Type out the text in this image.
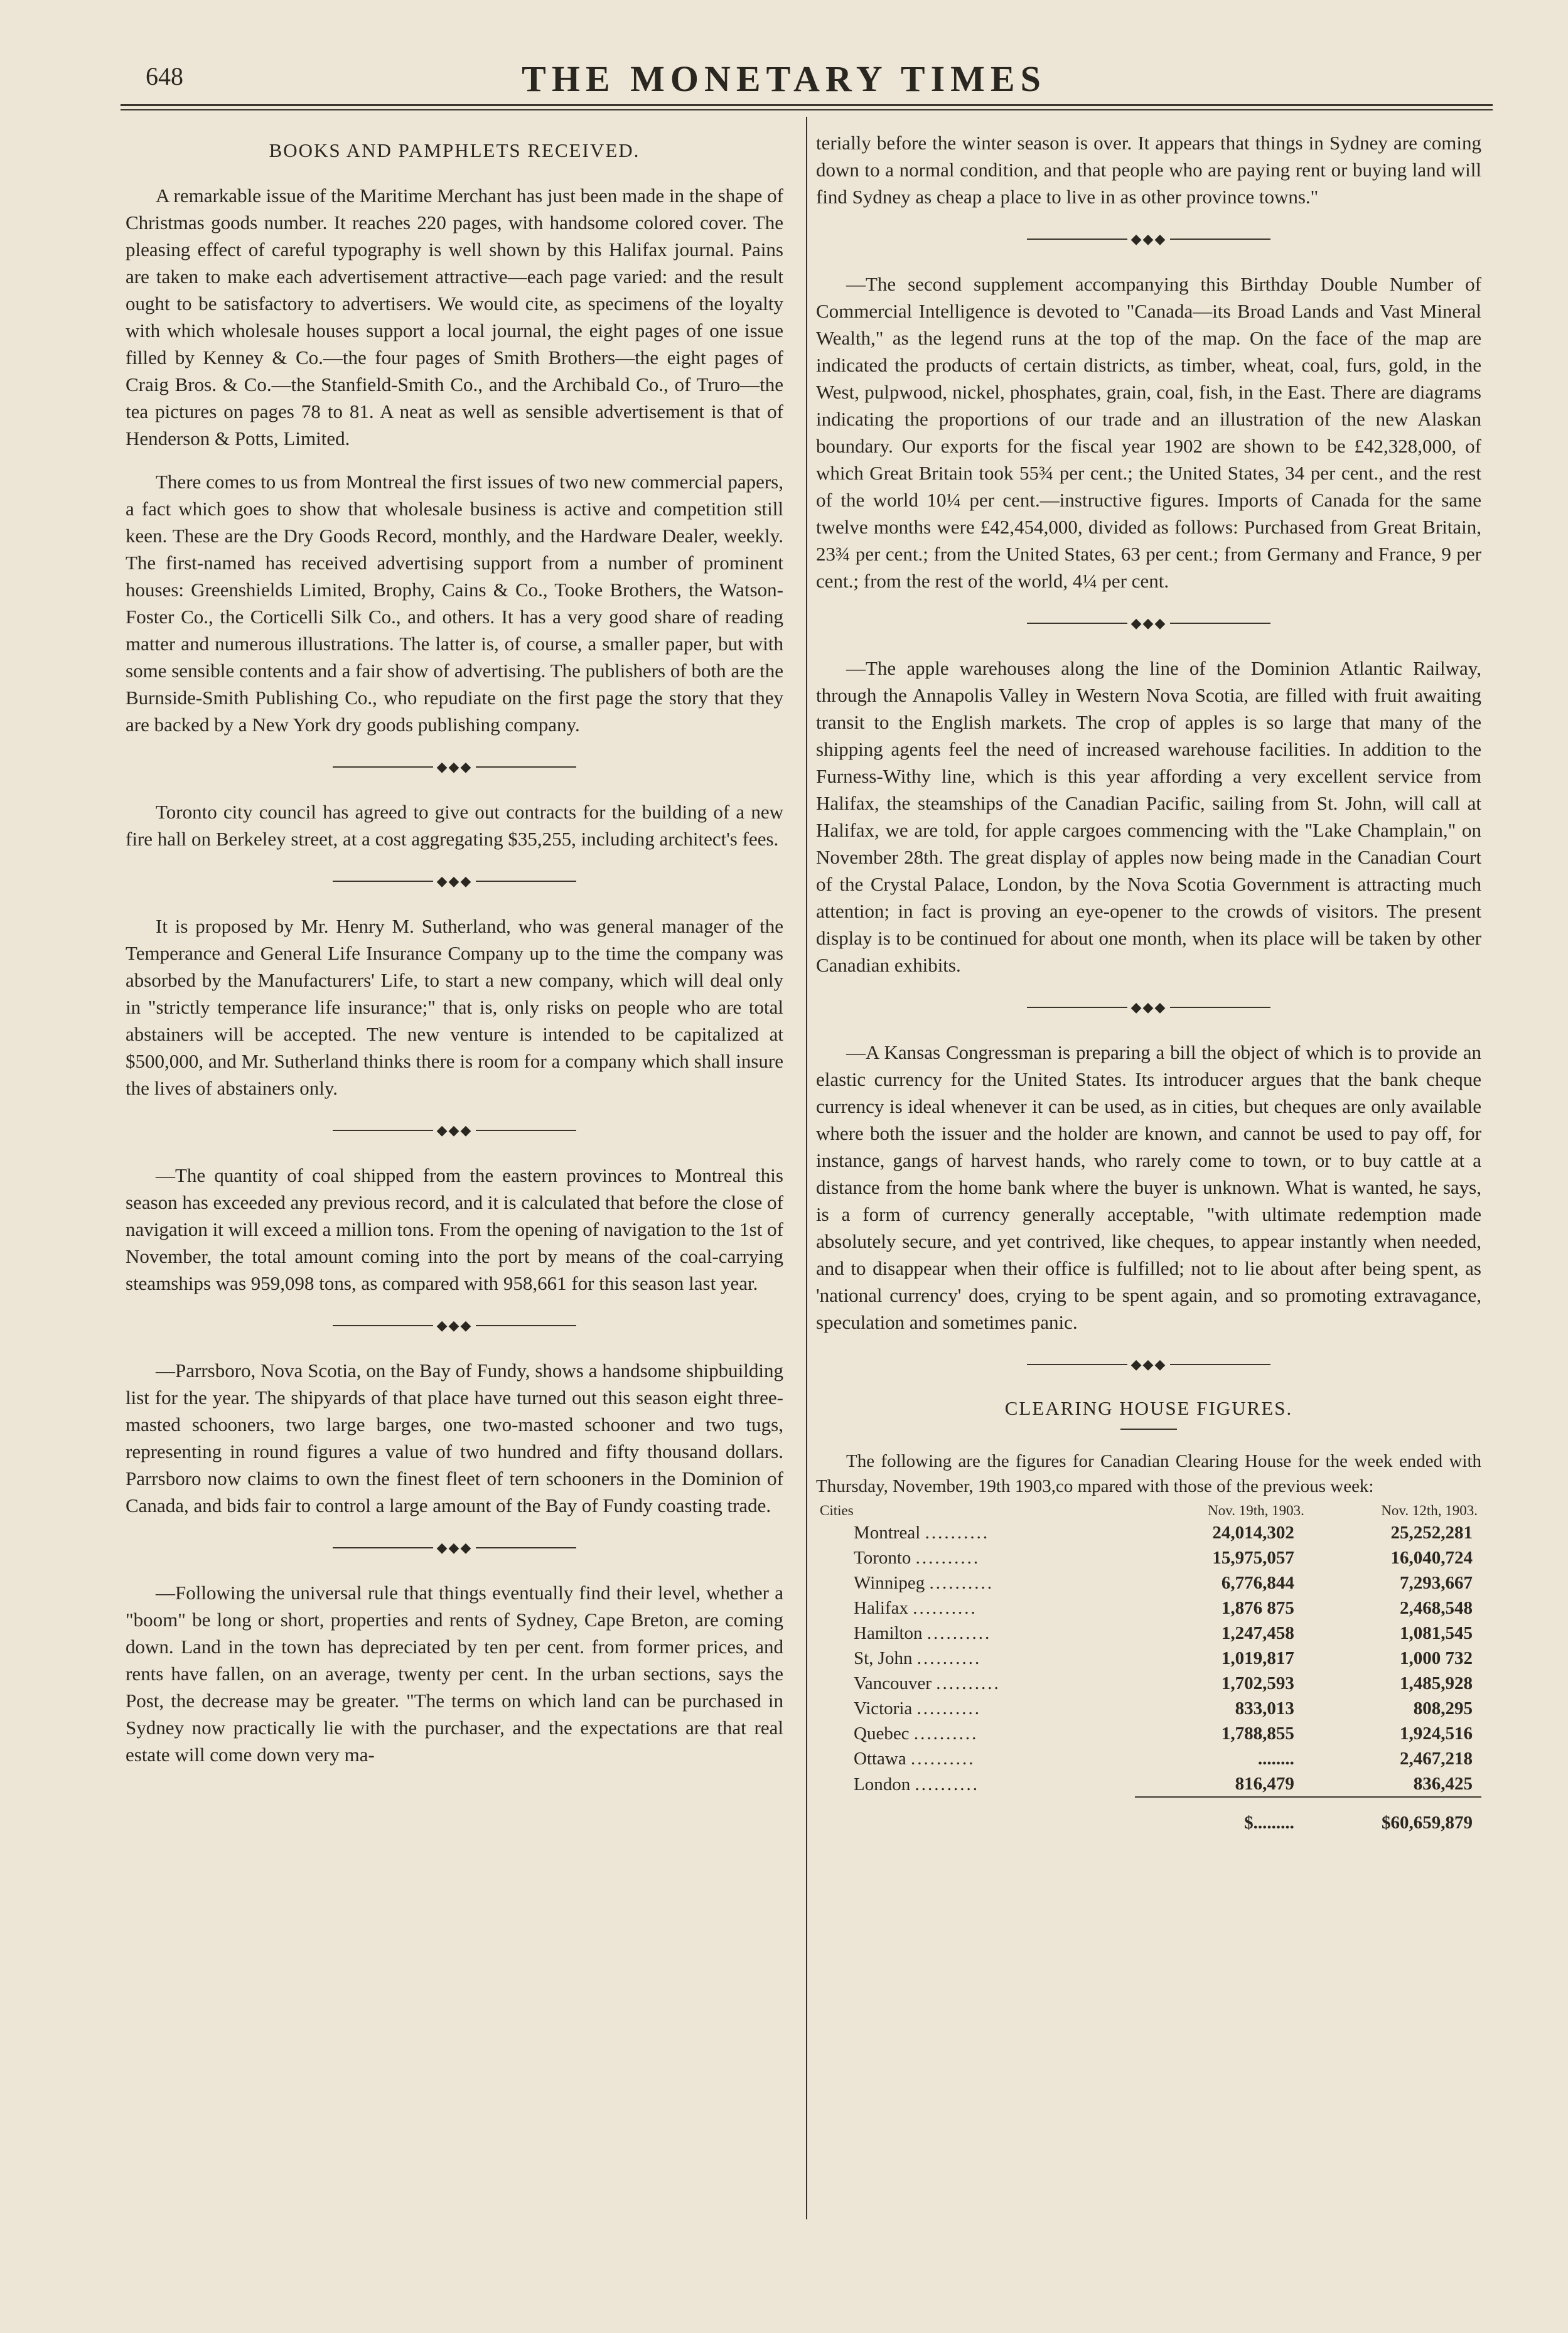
648	THE MONETARY TIMES
BOOKS AND PAMPHLETS RECEIVED.

A remarkable issue of the Maritime Merchant has just been made in the shape of Christmas goods number. It reaches 220 pages, with handsome colored cover. The pleasing effect of careful typography is well shown by this Halifax journal. Pains are taken to make each advertisement attractive—each page varied: and the result ought to be satisfactory to advertisers. We would cite, as specimens of the loyalty with which wholesale houses support a local journal, the eight pages of one issue filled by Kenney & Co.—the four pages of Smith Brothers—the eight pages of Craig Bros. & Co.—the Stanfield-Smith Co., and the Archibald Co., of Truro—the tea pictures on pages 78 to 81. A neat as well as sensible advertisement is that of Henderson & Potts, Limited.

There comes to us from Montreal the first issues of two new commercial papers, a fact which goes to show that wholesale business is active and competition still keen. These are the Dry Goods Record, monthly, and the Hardware Dealer, weekly. The first-named has received advertising support from a number of prominent houses: Greenshields Limited, Brophy, Cains & Co., Tooke Brothers, the Watson-Foster Co., the Corticelli Silk Co., and others. It has a very good share of reading matter and numerous illustrations. The latter is, of course, a smaller paper, but with some sensible contents and a fair show of advertising. The publishers of both are the Burnside-Smith Publishing Co., who repudiate on the first page the story that they are backed by a New York dry goods publishing company.

◆◆◆

Toronto city council has agreed to give out contracts for the building of a new fire hall on Berkeley street, at a cost aggregating $35,255, including architect's fees.

◆◆◆

It is proposed by Mr. Henry M. Sutherland, who was general manager of the Temperance and General Life Insurance Company up to the time the company was absorbed by the Manufacturers' Life, to start a new company, which will deal only in "strictly temperance life insurance;" that is, only risks on people who are total abstainers will be accepted. The new venture is intended to be capitalized at $500,000, and Mr. Sutherland thinks there is room for a company which shall insure the lives of abstainers only.

◆◆◆

—The quantity of coal shipped from the eastern provinces to Montreal this season has exceeded any previous record, and it is calculated that before the close of navigation it will exceed a million tons. From the opening of navigation to the 1st of November, the total amount coming into the port by means of the coal-carrying steamships was 959,098 tons, as compared with 958,661 for this season last year.

◆◆◆

—Parrsboro, Nova Scotia, on the Bay of Fundy, shows a handsome shipbuilding list for the year. The shipyards of that place have turned out this season eight three-masted schooners, two large barges, one two-masted schooner and two tugs, representing in round figures a value of two hundred and fifty thousand dollars. Parrsboro now claims to own the finest fleet of tern schooners in the Dominion of Canada, and bids fair to control a large amount of the Bay of Fundy coasting trade.

◆◆◆

—Following the universal rule that things eventually find their level, whether a "boom" be long or short, properties and rents of Sydney, Cape Breton, are coming down. Land in the town has depreciated by ten per cent. from former prices, and rents have fallen, on an average, twenty per cent. In the urban sections, says the Post, the decrease may be greater. "The terms on which land can be purchased in Sydney now practically lie with the purchaser, and the expectations are that real estate will come down very ma-

terially before the winter season is over. It appears that things in Sydney are coming down to a normal condition, and that people who are paying rent or buying land will find Sydney as cheap a place to live in as other province towns."

◆◆◆

—The second supplement accompanying this Birthday Double Number of Commercial Intelligence is devoted to "Canada—its Broad Lands and Vast Mineral Wealth," as the legend runs at the top of the map. On the face of the map are indicated the products of certain districts, as timber, wheat, coal, furs, gold, in the West, pulpwood, nickel, phosphates, grain, coal, fish, in the East. There are diagrams indicating the proportions of our trade and an illustration of the new Alaskan boundary. Our exports for the fiscal year 1902 are shown to be £42,328,000, of which Great Britain took 55¾ per cent.; the United States, 34 per cent., and the rest of the world 10¼ per cent.—instructive figures. Imports of Canada for the same twelve months were £42,454,000, divided as follows: Purchased from Great Britain, 23¾ per cent.; from the United States, 63 per cent.; from Germany and France, 9 per cent.; from the rest of the world, 4¼ per cent.

◆◆◆

—The apple warehouses along the line of the Dominion Atlantic Railway, through the Annapolis Valley in Western Nova Scotia, are filled with fruit awaiting transit to the English markets. The crop of apples is so large that many of the shipping agents feel the need of increased warehouse facilities. In addition to the Furness-Withy line, which is this year affording a very excellent service from Halifax, the steamships of the Canadian Pacific, sailing from St. John, will call at Halifax, we are told, for apple cargoes commencing with the "Lake Champlain," on November 28th. The great display of apples now being made in the Canadian Court of the Crystal Palace, London, by the Nova Scotia Government is attracting much attention; in fact is proving an eye-opener to the crowds of visitors. The present display is to be continued for about one month, when its place will be taken by other Canadian exhibits.

◆◆◆

—A Kansas Congressman is preparing a bill the object of which is to provide an elastic currency for the United States. Its introducer argues that the bank cheque currency is ideal whenever it can be used, as in cities, but cheques are only available where both the issuer and the holder are known, and cannot be used to pay off, for instance, gangs of harvest hands, who rarely come to town, or to buy cattle at a distance from the home bank where the buyer is unknown. What is wanted, he says, is a form of currency generally acceptable, "with ultimate redemption made absolutely secure, and yet contrived, like cheques, to appear instantly when needed, and to disappear when their office is fulfilled; not to lie about after being spent, as 'national currency' does, crying to be spent again, and so promoting extravagance, speculation and sometimes panic.

◆◆◆
CLEARING HOUSE FIGURES.

The following are the figures for Canadian Clearing House for the week ended with Thursday, November, 19th 1903,co mpared with those of the previous week:

Cities	Nov. 19th, 1903.	Nov. 12th, 1903.
Montreal ..........	24,014,302	25,252,281
Toronto ..........	15,975,057	16,040,724
Winnipeg ..........	6,776,844	7,293,667
Halifax ..........	1,876 875	2,468,548
Hamilton ..........	1,247,458	1,081,545
St, John ..........	1,019,817	1,000 732
Vancouver ..........	1,702,593	1,485,928
Victoria ..........	833,013	808,295
Quebec ..........	1,788,855	1,924,516
Ottawa ..........	........	2,467,218
London ..........	816,479	836,425
	$.........	$60,659,879
